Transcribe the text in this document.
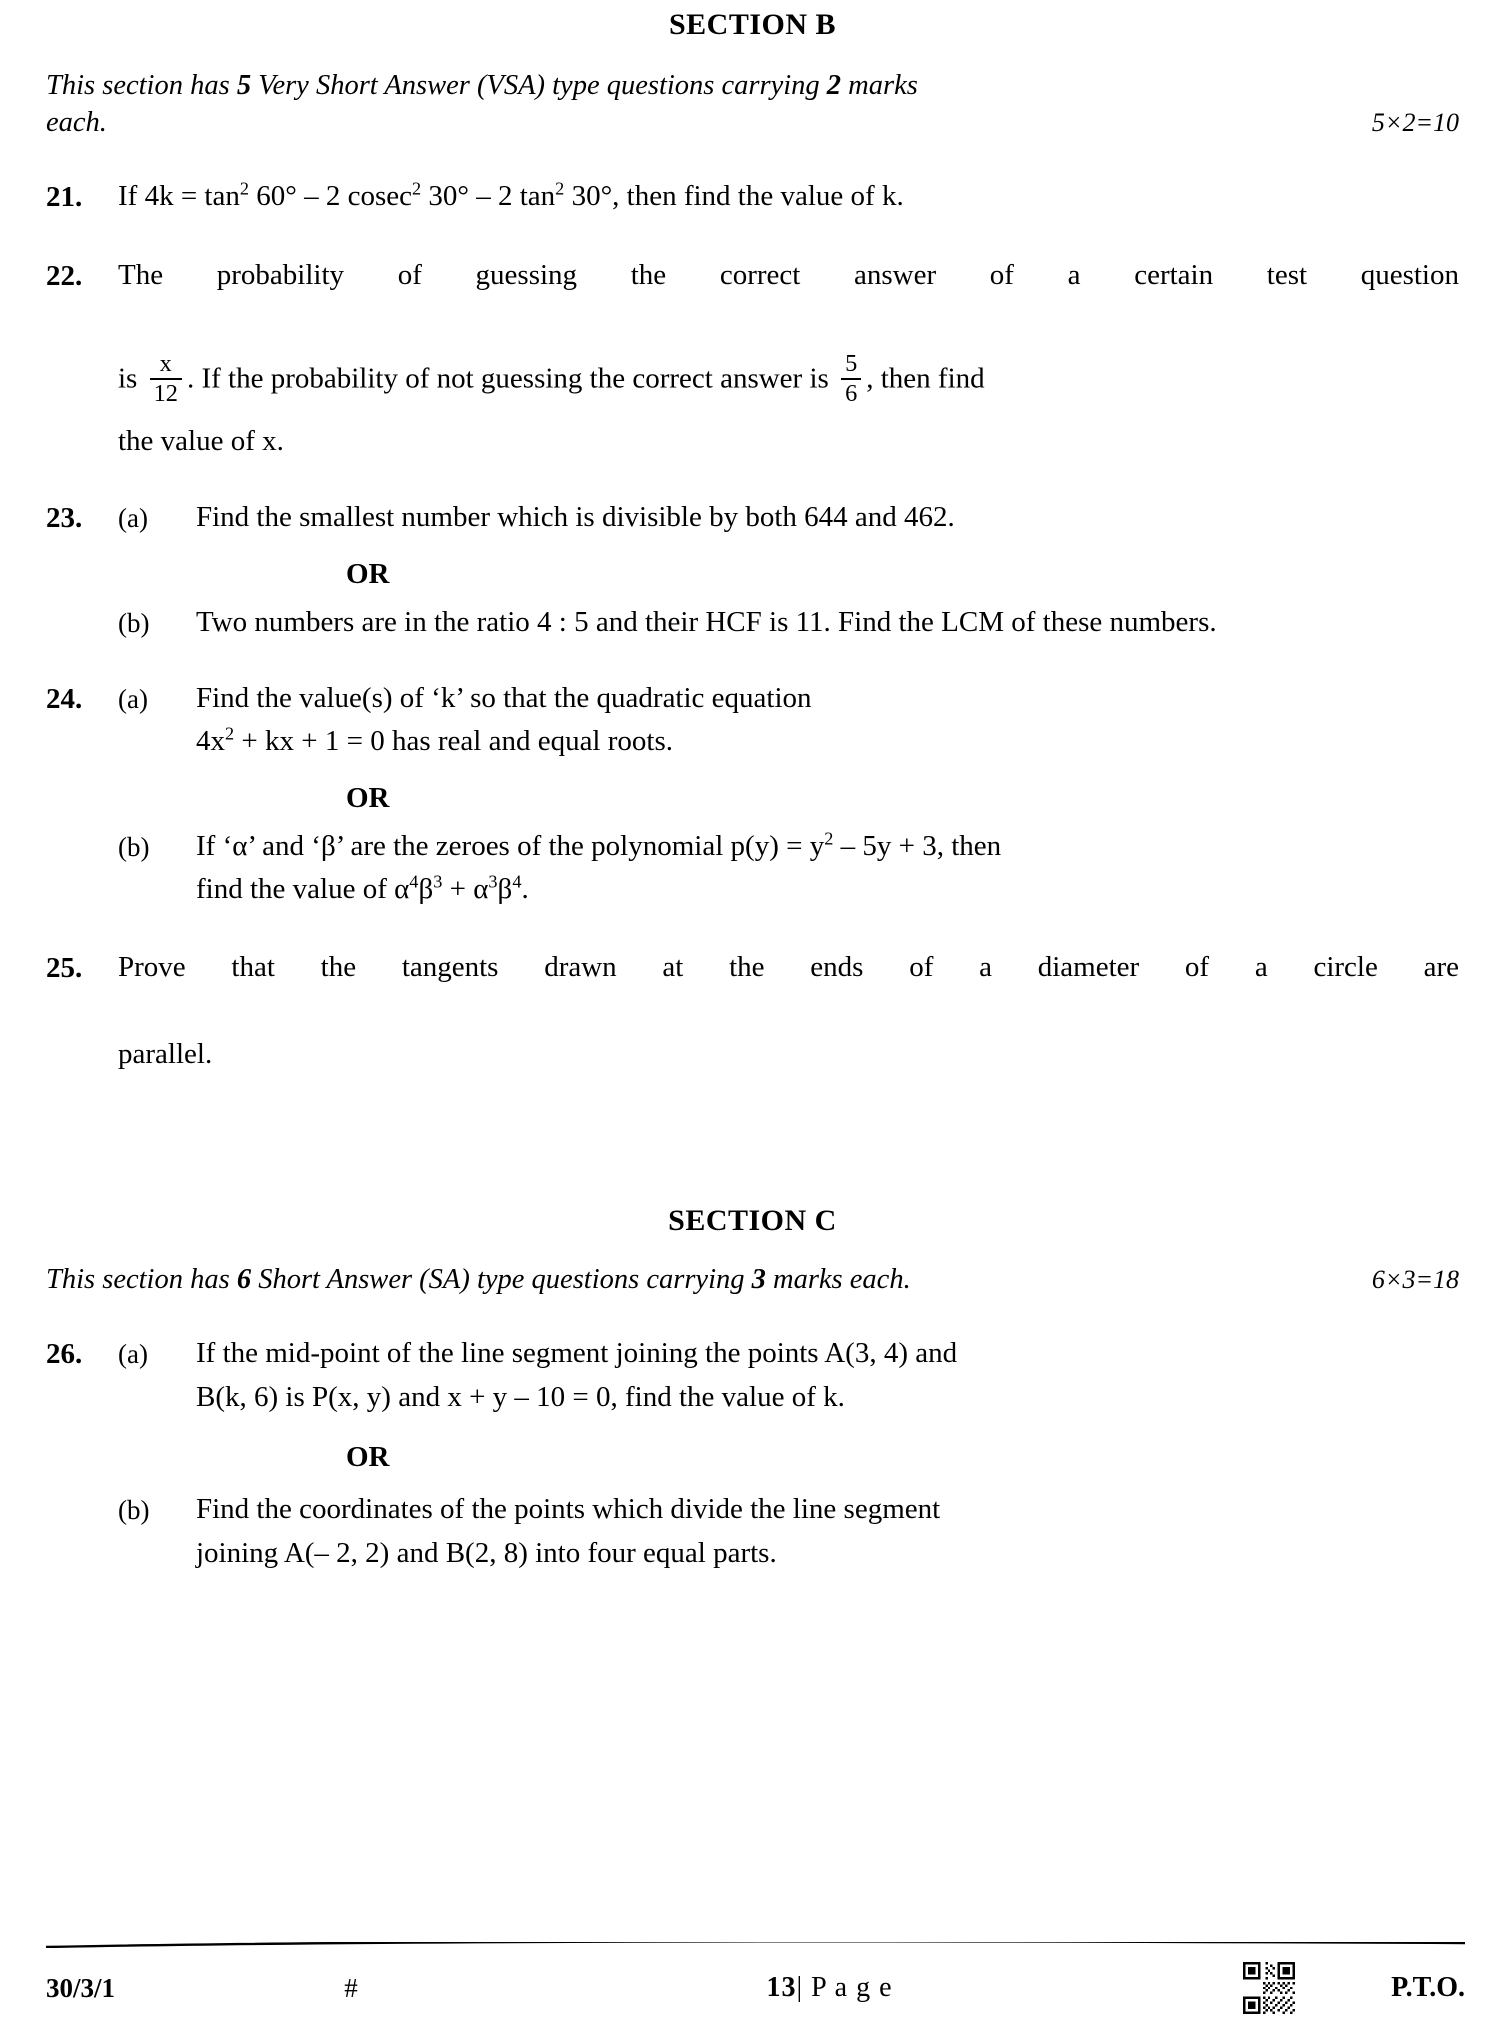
SECTION B
This section has 5 Very Short Answer (VSA) type questions carrying 2 marks
each.	5×2=10
21.	If $4k = \tan^2 60^\circ - 2$ cosec$^2$ 30° – 2 $\tan^2 30^\circ$, then find the value of k.
22.	The probability of guessing the correct answer of a certain test question
is $\frac{x}{12}$ . If the probability of not guessing the correct answer is $\frac{5}{6}$ , then find
the value of x.
23.	(a)	Find the smallest number which is divisible by both 644 and 462.
OR
(b)	Two numbers are in the ratio 4 : 5 and their HCF is 11. Find the LCM of these numbers.
24.	(a)	Find the value(s) of ‘k’ so that the quadratic equation
$4x^2$ + kx + 1 = 0 has real and equal roots.
OR
(b)	If ‘α’ and ‘β’ are the zeroes of the polynomial $p(y) = y^2 - 5y + 3$, then
find the value of $\alpha^4\beta^3 + \alpha^3\beta^4$.
25.	Prove that the tangents drawn at the ends of a diameter of a circle are
parallel.
SECTION C
This section has 6 Short Answer (SA) type questions carrying 3 marks each.	6×3=18
26.	(a)	If the mid-point of the line segment joining the points A(3, 4) and
B(k, 6) is P(x, y) and x + y – 10 = 0, find the value of k.
OR
(b)	Find the coordinates of the points which divide the line segment
joining A(– 2, 2) and B(2, 8) into four equal parts.
30/3/1	#	13| P a g e	P.T.O.
